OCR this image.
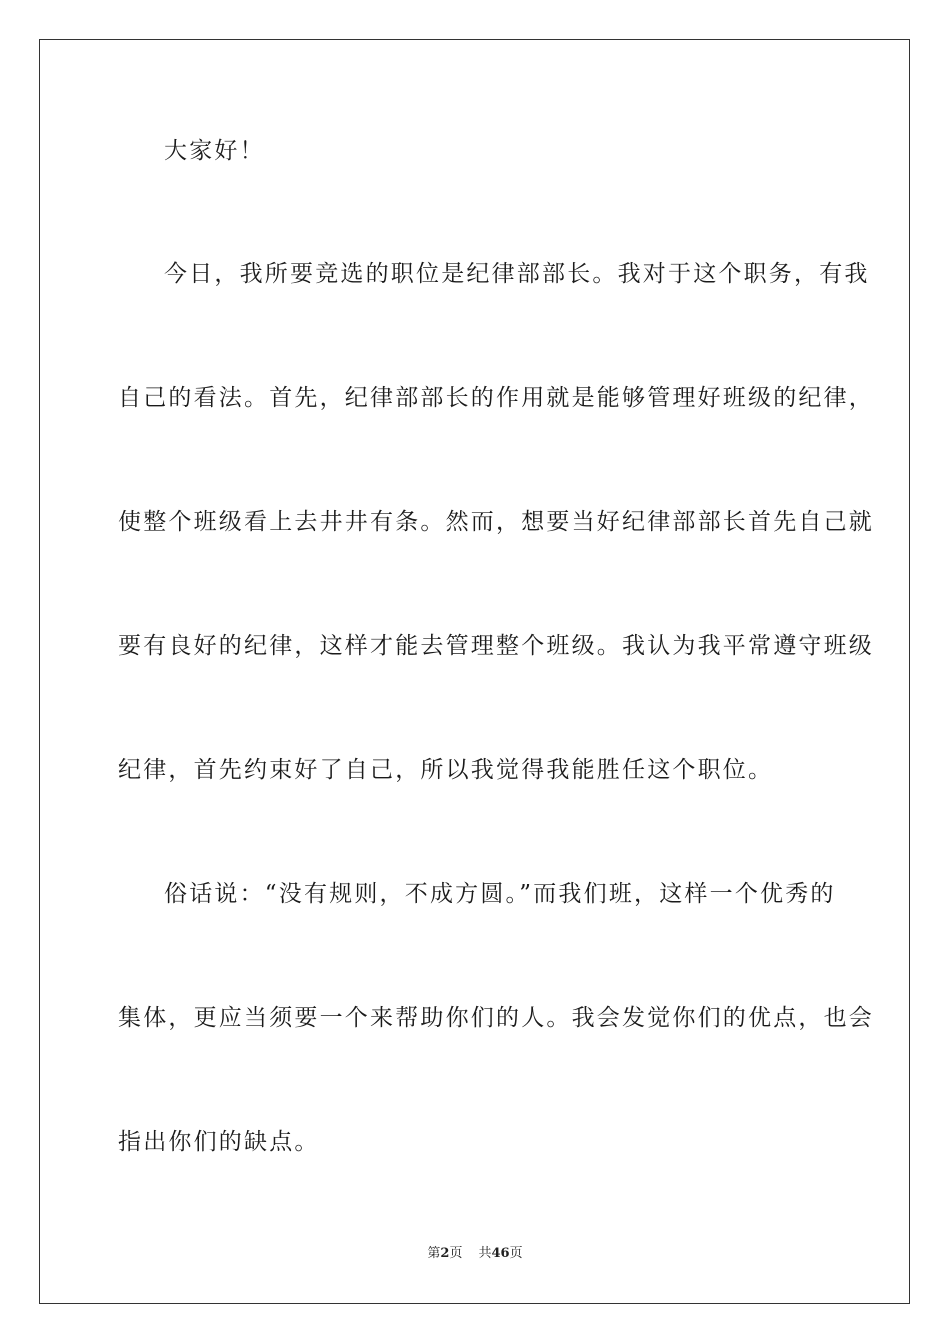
大家好！
今日，我所要竞选的职位是纪律部部长。我对于这个职务，有我
自己的看法。首先，纪律部部长的作用就是能够管理好班级的纪律，
使整个班级看上去井井有条。然而，想要当好纪律部部长首先自己就
要有良好的纪律，这样才能去管理整个班级。我认为我平常遵守班级
纪律，首先约束好了自己，所以我觉得我能胜任这个职位。
俗话说：“没有规则，不成方圆。”而我们班，这样一个优秀的
集体，更应当须要一个来帮助你们的人。我会发觉你们的优点，也会
指出你们的缺点。
第2页 共46页
